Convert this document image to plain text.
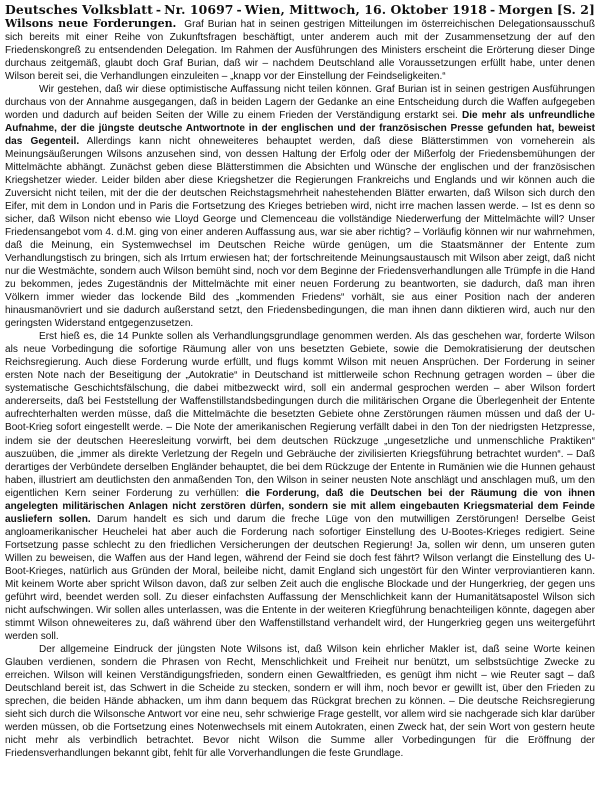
Deutsches Volksblatt - Nr. 10697 - Wien, Mittwoch, 16. Oktober 1918 - Morgen [S. 2]

Wilsons neue Forderungen. Graf Burian hat in seinen gestrigen Mitteilungen im österreichischen Delegationsausschuß sich bereits mit einer Reihe von Zukunftsfragen beschäftigt, unter anderem auch mit der Zusammensetzung der auf den Friedenskongreß zu entsendenden Delegation. Im Rahmen der Ausführungen des Ministers erscheint die Erörterung dieser Dinge durchaus zeitgemäß, glaubt doch Graf Burian, daß wir – nachdem Deutschland alle Voraussetzungen erfüllt habe, unter denen Wilson bereit sei, die Verhandlungen einzuleiten – „knapp vor der Einstellung der Feindseligkeiten.“

Wir gestehen, daß wir diese optimistische Auffassung nicht teilen können. Graf Burian ist in seinen gestrigen Ausführungen durchaus von der Annahme ausgegangen, daß in beiden Lagern der Gedanke an eine Entscheidung durch die Waffen aufgegeben worden und dadurch auf beiden Seiten der Wille zu einem Frieden der Verständigung erstarkt sei. Die mehr als unfreundliche Aufnahme, der die jüngste deutsche Antwortnote in der englischen und der französischen Presse gefunden hat, beweist das Gegenteil. Allerdings kann nicht ohneweiteres behauptet werden, daß diese Blätterstimmen von vorneherein als Meinungsäußerungen Wilsons anzusehen sind, von dessen Haltung der Erfolg oder der Mißerfolg der Friedensbemühungen der Mittelmächte abhängt. Zunächst geben diese Blätterstimmen die Absichten und Wünsche der englischen und der französischen Kriegshetzer wieder. Leider bilden aber diese Kriegshetzer die Regierungen Frankreichs und Englands und wir können auch die Zuversicht nicht teilen, mit der die der deutschen Reichstagsmehrheit nahestehenden Blätter erwarten, daß Wilson sich durch den Eifer, mit dem in London und in Paris die Fortsetzung des Krieges betrieben wird, nicht irre machen lassen werde. – Ist es denn so sicher, daß Wilson nicht ebenso wie Lloyd George und Clemenceau die vollständige Niederwerfung der Mittelmächte will? Unser Friedensangebot vom 4. d.M. ging von einer anderen Auffassung aus, war sie aber richtig? – Vorläufig können wir nur wahrnehmen, daß die Meinung, ein Systemwechsel im Deutschen Reiche würde genügen, um die Staatsmänner der Entente zum Verhandlungstisch zu bringen, sich als Irrtum erwiesen hat; der fortschreitende Meinungsaustausch mit Wilson aber zeigt, daß nicht nur die Westmächte, sondern auch Wilson bemüht sind, noch vor dem Beginne der Friedensverhandlungen alle Trümpfe in die Hand zu bekommen, jedes Zugeständnis der Mittelmächte mit einer neuen Forderung zu beantworten, sie dadurch, daß man ihren Völkern immer wieder das lockende Bild des „kommenden Friedens“ vorhält, sie aus einer Position nach der anderen hinausmanövriert und sie dadurch außerstand setzt, den Friedensbedingungen, die man ihnen dann diktieren wird, auch nur den geringsten Widerstand entgegenzusetzen.

Erst hieß es, die 14 Punkte sollen als Verhandlungsgrundlage genommen werden. Als das geschehen war, forderte Wilson als neue Vorbedingung die sofortige Räumung aller von uns besetzten Gebiete, sowie die Demokratisierung der deutschen Reichsregierung. Auch diese Forderung wurde erfüllt, und flugs kommt Wilson mit neuen Ansprüchen. Der Forderung in seiner ersten Note nach der Beseitigung der „Autokratie“ in Deutschand ist mittlerweile schon Rechnung getragen worden – über die systematische Geschichtsfälschung, die dabei mitbezweckt wird, soll ein andermal gesprochen werden – aber Wilson fordert andererseits, daß bei Feststellung der Waffenstillstandsbedingungen durch die militärischen Organe die Überlegenheit der Entente aufrechterhalten werden müsse, daß die Mittelmächte die besetzten Gebiete ohne Zerstörungen räumen müssen und daß der U-Boot-Krieg sofort eingestellt werde. – Die Note der amerikanischen Regierung verfällt dabei in den Ton der niedrigsten Hetzpresse, indem sie der deutschen Heeresleitung vorwirft, bei dem deutschen Rückzuge „ungesetzliche und unmenschliche Praktiken“ auszuüben, die „immer als direkte Verletzung der Regeln und Gebräuche der zivilisierten Kriegsführung betrachtet wurden“. – Daß derartiges der Verbündete derselben Engländer behauptet, die bei dem Rückzuge der Entente in Rumänien wie die Hunnen gehaust haben, illustriert am deutlichsten den anmaßenden Ton, den Wilson in seiner neusten Note anschlägt und anschlagen muß, um den eigentlichen Kern seiner Forderung zu verhüllen: die Forderung, daß die Deutschen bei der Räumung die von ihnen angelegten militärischen Anlagen nicht zerstören dürfen, sondern sie mit allem eingebauten Kriegsmaterial dem Feinde ausliefern sollen. Darum handelt es sich und darum die freche Lüge von den mutwilligen Zerstörungen! Derselbe Geist angloamerikanischer Heuchelei hat aber auch die Forderung nach sofortiger Einstellung des U-Bootes-Krieges redigiert. Seine Fortsetzung passe schlecht zu den friedlichen Versicherungen der deutschen Regierung! Ja, sollen wir denn, um unseren guten Willen zu beweisen, die Waffen aus der Hand legen, während der Feind sie doch fest fährt? Wilson verlangt die Einstellung des U-Boot-Krieges, natürlich aus Gründen der Moral, beileibe nicht, damit England sich ungestört für den Winter verproviantieren kann. Mit keinem Worte aber spricht Wilson davon, daß zur selben Zeit auch die englische Blockade und der Hungerkrieg, der gegen uns geführt wird, beendet werden soll. Zu dieser einfachsten Auffassung der Menschlichkeit kann der Humanitätsapostel Wilson sich nicht aufschwingen. Wir sollen alles unterlassen, was die Entente in der weiteren Kriegführung benachteiligen könnte, dagegen aber stimmt Wilson ohneweiteres zu, daß während über den Waffenstillstand verhandelt wird, der Hungerkrieg gegen uns weitergeführt werden soll.

Der allgemeine Eindruck der jüngsten Note Wilsons ist, daß Wilson kein ehrlicher Makler ist, daß seine Worte keinen Glauben verdienen, sondern die Phrasen von Recht, Menschlichkeit und Freiheit nur benützt, um selbstsüchtige Zwecke zu erreichen. Wilson will keinen Verständigungsfrieden, sondern einen Gewaltfrieden, es genügt ihm nicht – wie Reuter sagt – daß Deutschland bereit ist, das Schwert in die Scheide zu stecken, sondern er will ihm, noch bevor er gewillt ist, über den Frieden zu sprechen, die beiden Hände abhacken, um ihm dann bequem das Rückgrat brechen zu können. – Die deutsche Reichsregierung sieht sich durch die Wilsonsche Antwort vor eine neu, sehr schwierige Frage gestellt, vor allem wird sie nachgerade sich klar darüber werden müssen, ob die Fortsetzung eines Notenwechsels mit einem Autokraten, einen Zweck hat, der sein Wort von gestern heute nicht mehr als verbindlich betrachtet. Bevor nicht Wilson die Summe aller Vorbedingungen für die Eröffnung der Friedensverhandlungen bekannt gibt, fehlt für alle Vorverhandlungen die feste Grundlage.
